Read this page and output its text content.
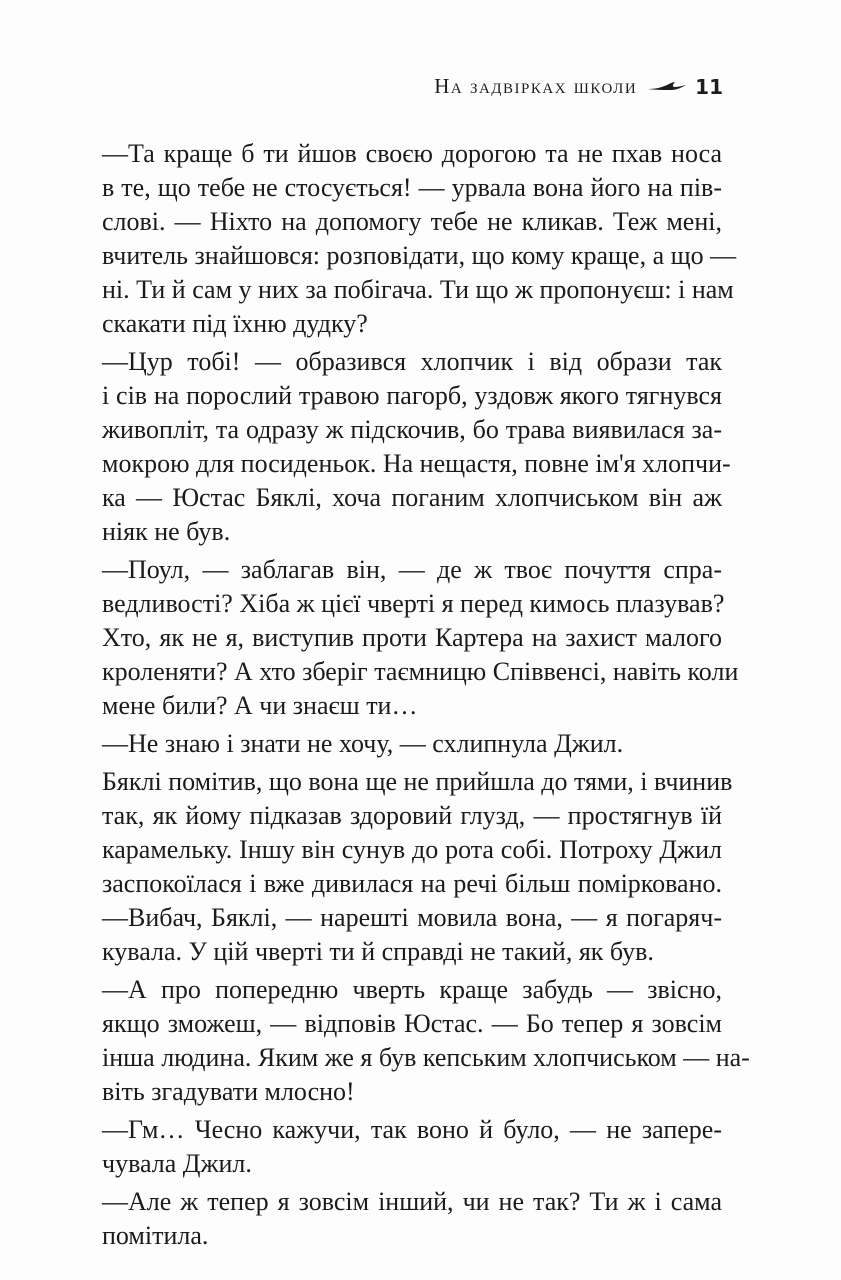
На задвірках школи	11
—Та краще б ти йшов своєю дорогою та не пхав носа
в те, що тебе не стосується! — урвала вона його на пів-
слові. — Ніхто на допомогу тебе не кликав. Теж мені,
вчитель знайшовся: розповідати, що кому краще, а що —
ні. Ти й сам у них за побігача. Ти що ж пропонуєш: і нам
скакати під їхню дудку?
—Цур тобі! — образився хлопчик і від образи так
і сів на порослий травою пагорб, уздовж якого тягнувся
живопліт, та одразу ж підскочив, бо трава виявилася за-
мокрою для посиденьок. На нещастя, повне ім'я хлопчи-
ка — Юстас Бяклі, хоча поганим хлопчиськом він аж
ніяк не був.
—Поул, — заблагав він, — де ж твоє почуття спра-
ведливості? Хіба ж цієї чверті я перед кимось плазував?
Хто, як не я, виступив проти Картера на захист малого
кроленяти? А хто зберіг таємницю Співвенсі, навіть коли
мене били? А чи знаєш ти…
—Не знаю і знати не хочу, — схлипнула Джил.
Бяклі помітив, що вона ще не прийшла до тями, і вчинив
так, як йому підказав здоровий глузд, — простягнув їй
карамельку. Іншу він сунув до рота собі. Потроху Джил
заспокоїлася і вже дивилася на речі більш поміркованo.
—Вибач, Бяклі, — нарешті мовила вона, — я погаряч-
кувала. У цій чверті ти й справді не такий, як був.
—А про попередню чверть краще забудь — звісно,
якщо зможеш, — відповів Юстас. — Бо тепер я зовсім
інша людина. Яким же я був кепським хлопчиськом — на-
віть згадувати млосно!
—Гм… Чесно кажучи, так воно й було, — не запере-
чувала Джил.
—Але ж тепер я зовсім інший, чи не так? Ти ж і сама
помітила.
